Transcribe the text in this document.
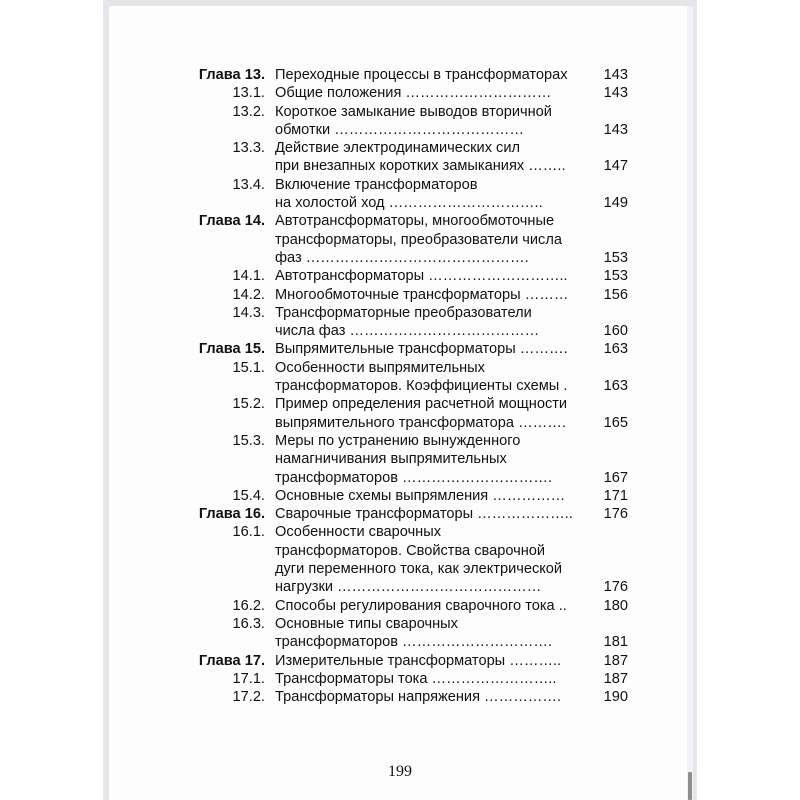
Глава 13. Переходные процессы в трансформаторах	143
13.1. Общие положения …………………………	143
13.2. Короткое замыкание выводов вторичной
обмотки …………………………………	143
13.3. Действие электродинамических сил
при внезапных коротких замыканиях ……..	147
13.4. Включение трансформаторов
на холостой ход …………………………..	149
Глава 14. Автотрансформаторы, многообмоточные
трансформаторы, преобразователи числа
фаз ……………………………………….	153
14.1. Автотрансформаторы ………………………..	153
14.2. Многообмоточные трансформаторы ………	156
14.3. Трансформаторные преобразователи
числа фаз …………………………………	160
Глава 15. Выпрямительные трансформаторы ……….	163
15.1. Особенности выпрямительных
трансформаторов. Коэффициенты схемы .	163
15.2. Пример определения расчетной мощности
выпрямительного трансформатора ……….	165
15.3. Меры по устранению вынужденного
намагничивания выпрямительных
трансформаторов ………………………….	167
15.4. Основные схемы выпрямления ……………	171
Глава 16. Сварочные трансформаторы ………………..	176
16.1. Особенности сварочных
трансформаторов. Свойства сварочной
дуги переменного тока, как электрической
нагрузки ……………………………………	176
16.2. Способы регулирования сварочного тока ..	180
16.3. Основные типы сварочных
трансформаторов ………………………….	181
Глава 17. Измерительные трансформаторы ………..	187
17.1. Трансформаторы тока ……………………..	187
17.2. Трансформаторы напряжения …………….	190
199
